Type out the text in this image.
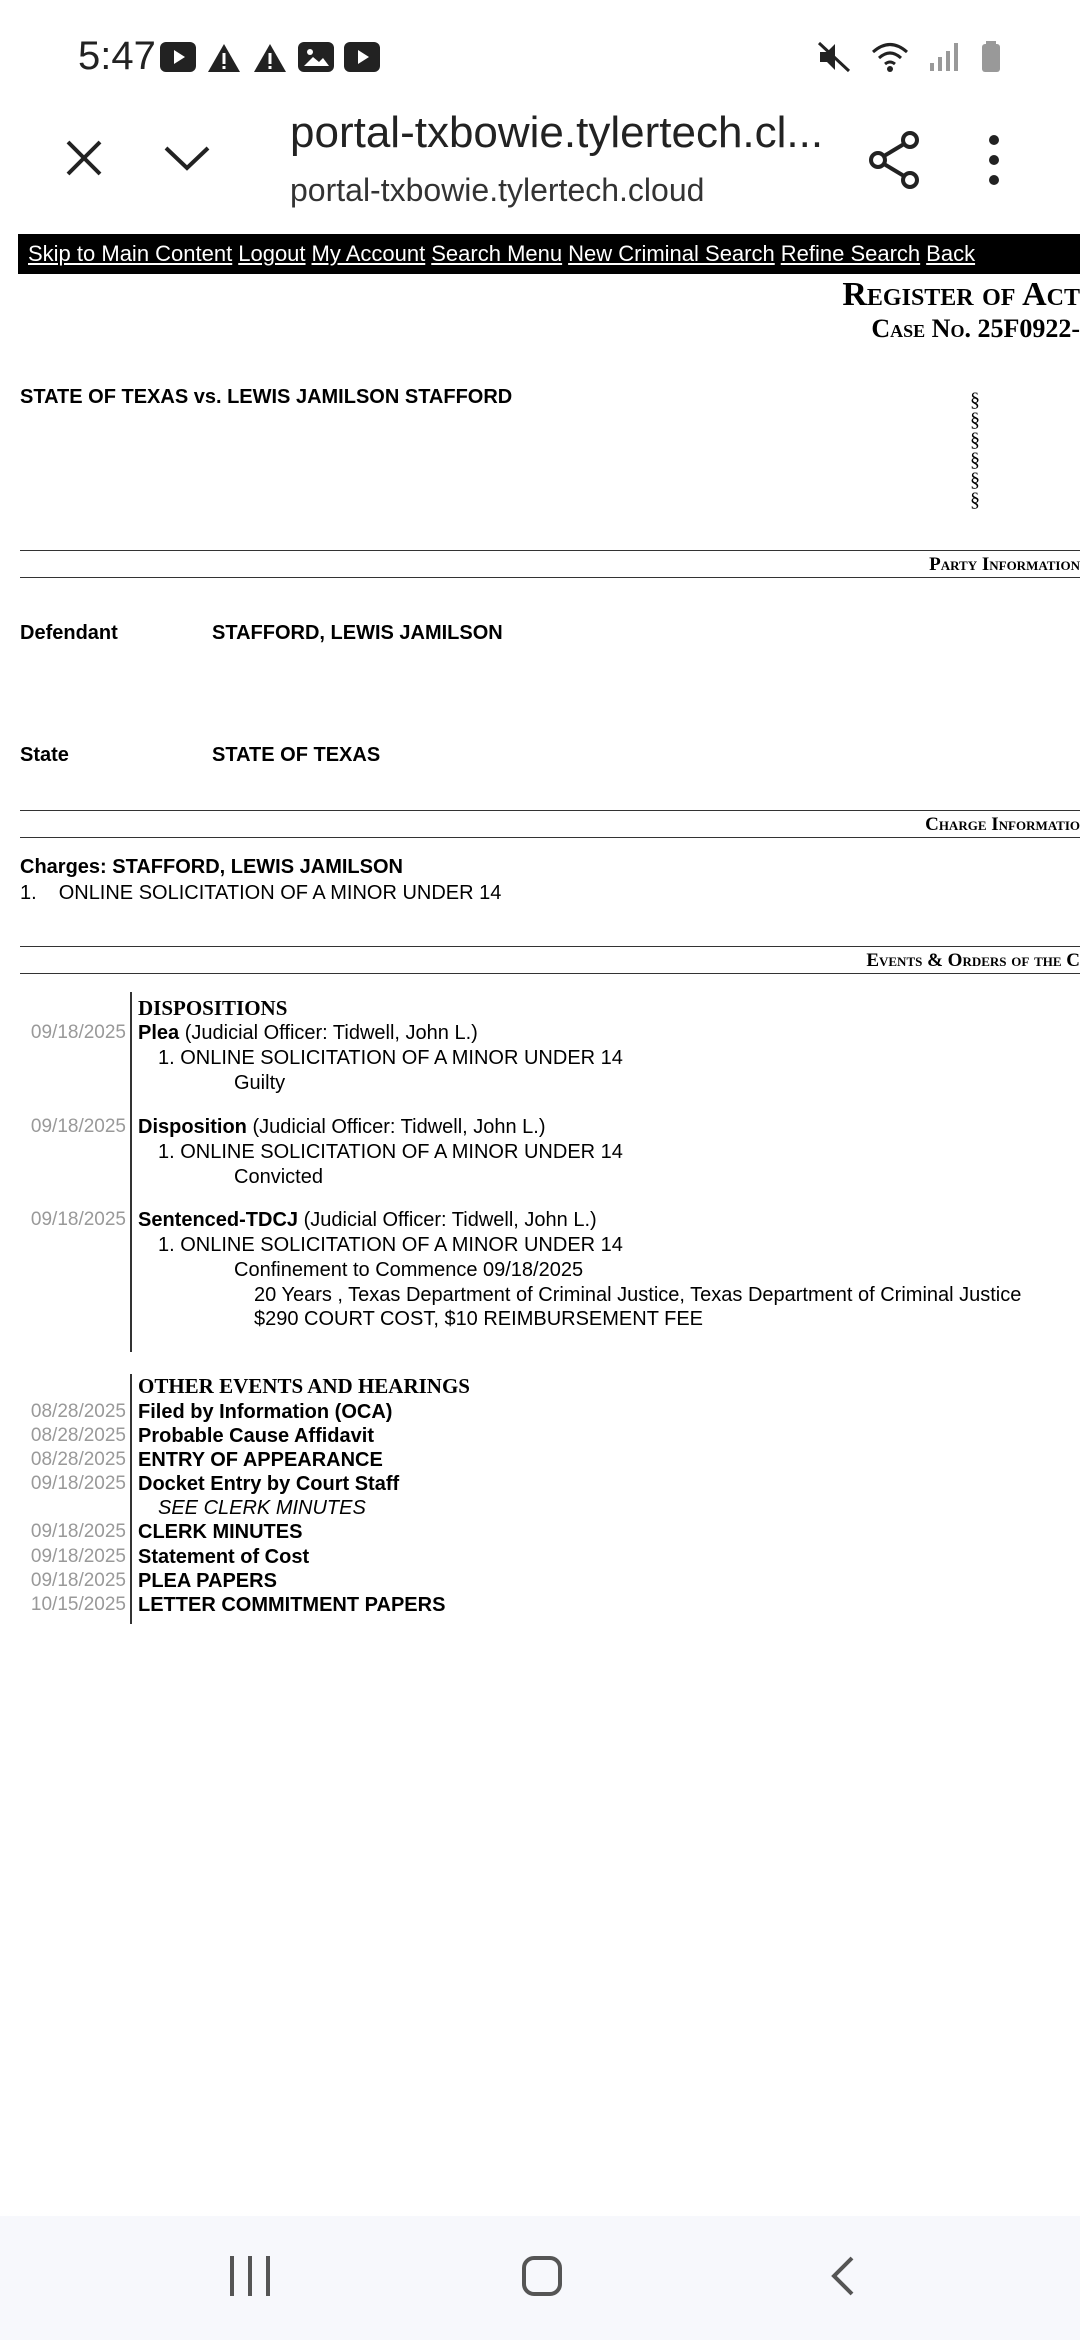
5:47
portal-txbowie.tylertech.cl...
portal-txbowie.tylertech.cloud
Skip to Main Content Logout My Account Search Menu New Criminal Search Refine Search Back
Register of Act
Case No. 25F0922-
STATE OF TEXAS vs. LEWIS JAMILSON STAFFORD	§
§
§
§
§
§
Party Information
Defendant	STAFFORD, LEWIS JAMILSON
State	STATE OF TEXAS
Charge Informatio
Charges: STAFFORD, LEWIS JAMILSON
1. ONLINE SOLICITATION OF A MINOR UNDER 14
Events & Orders of the C
DISPOSITIONS
09/18/2025 Plea (Judicial Officer: Tidwell, John L.)
1. ONLINE SOLICITATION OF A MINOR UNDER 14
Guilty
09/18/2025 Disposition (Judicial Officer: Tidwell, John L.)
1. ONLINE SOLICITATION OF A MINOR UNDER 14
Convicted
09/18/2025 Sentenced-TDCJ (Judicial Officer: Tidwell, John L.)
1. ONLINE SOLICITATION OF A MINOR UNDER 14
Confinement to Commence 09/18/2025
20 Years , Texas Department of Criminal Justice, Texas Department of Criminal Justice
$290 COURT COST, $10 REIMBURSEMENT FEE
OTHER EVENTS AND HEARINGS
08/28/2025 Filed by Information (OCA)
08/28/2025 Probable Cause Affidavit
08/28/2025 ENTRY OF APPEARANCE
09/18/2025 Docket Entry by Court Staff
SEE CLERK MINUTES
09/18/2025 CLERK MINUTES
09/18/2025 Statement of Cost
09/18/2025 PLEA PAPERS
10/15/2025 LETTER COMMITMENT PAPERS
